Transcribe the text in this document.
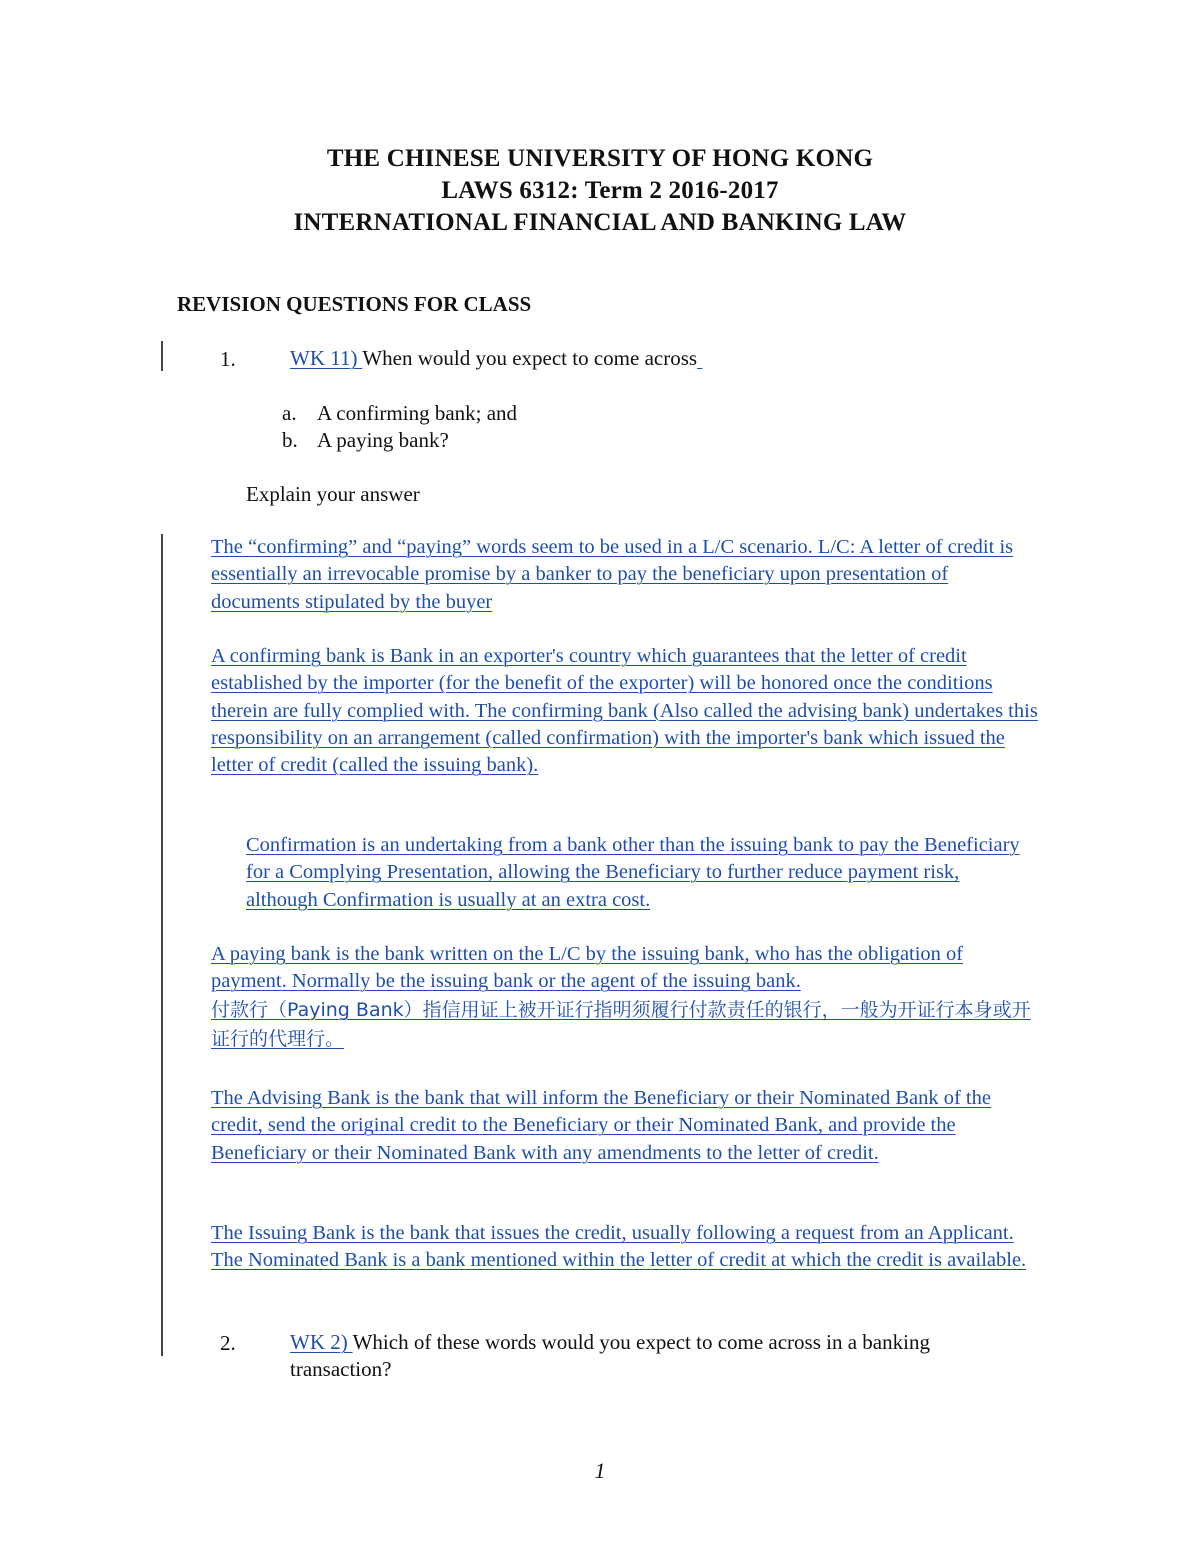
THE CHINESE UNIVERSITY OF HONG KONG
LAWS 6312: Term 2 2016-2017
INTERNATIONAL FINANCIAL AND BANKING LAW
REVISION QUESTIONS FOR CLASS
1.	WK 11) When would you expect to come across
a. A confirming bank; and
b. A paying bank?
Explain your answer
The “confirming” and “paying” words seem to be used in a L/C scenario. L/C: A letter of credit is essentially an irrevocable promise by a banker to pay the beneficiary upon presentation of documents stipulated by the buyer
A confirming bank is Bank in an exporter's country which guarantees that the letter of credit established by the importer (for the benefit of the exporter) will be honored once the conditions therein are fully complied with. The confirming bank (Also called the advising bank) undertakes this responsibility on an arrangement (called confirmation) with the importer's bank which issued the letter of credit (called the issuing bank).
Confirmation is an undertaking from a bank other than the issuing bank to pay the Beneficiary for a Complying Presentation, allowing the Beneficiary to further reduce payment risk, although Confirmation is usually at an extra cost.
A paying bank is the bank written on the L/C by the issuing bank, who has the obligation of payment. Normally be the issuing bank or the agent of the issuing bank.
付款行（Paying Bank）指信用证上被开证行指明须履行付款责任的银行，一般为开证行本身或开证行的代理行。
The Advising Bank is the bank that will inform the Beneficiary or their Nominated Bank of the credit, send the original credit to the Beneficiary or their Nominated Bank, and provide the Beneficiary or their Nominated Bank with any amendments to the letter of credit.
The Issuing Bank is the bank that issues the credit, usually following a request from an Applicant. The Nominated Bank is a bank mentioned within the letter of credit at which the credit is available.
2.	WK 2) Which of these words would you expect to come across in a banking
transaction?
1
